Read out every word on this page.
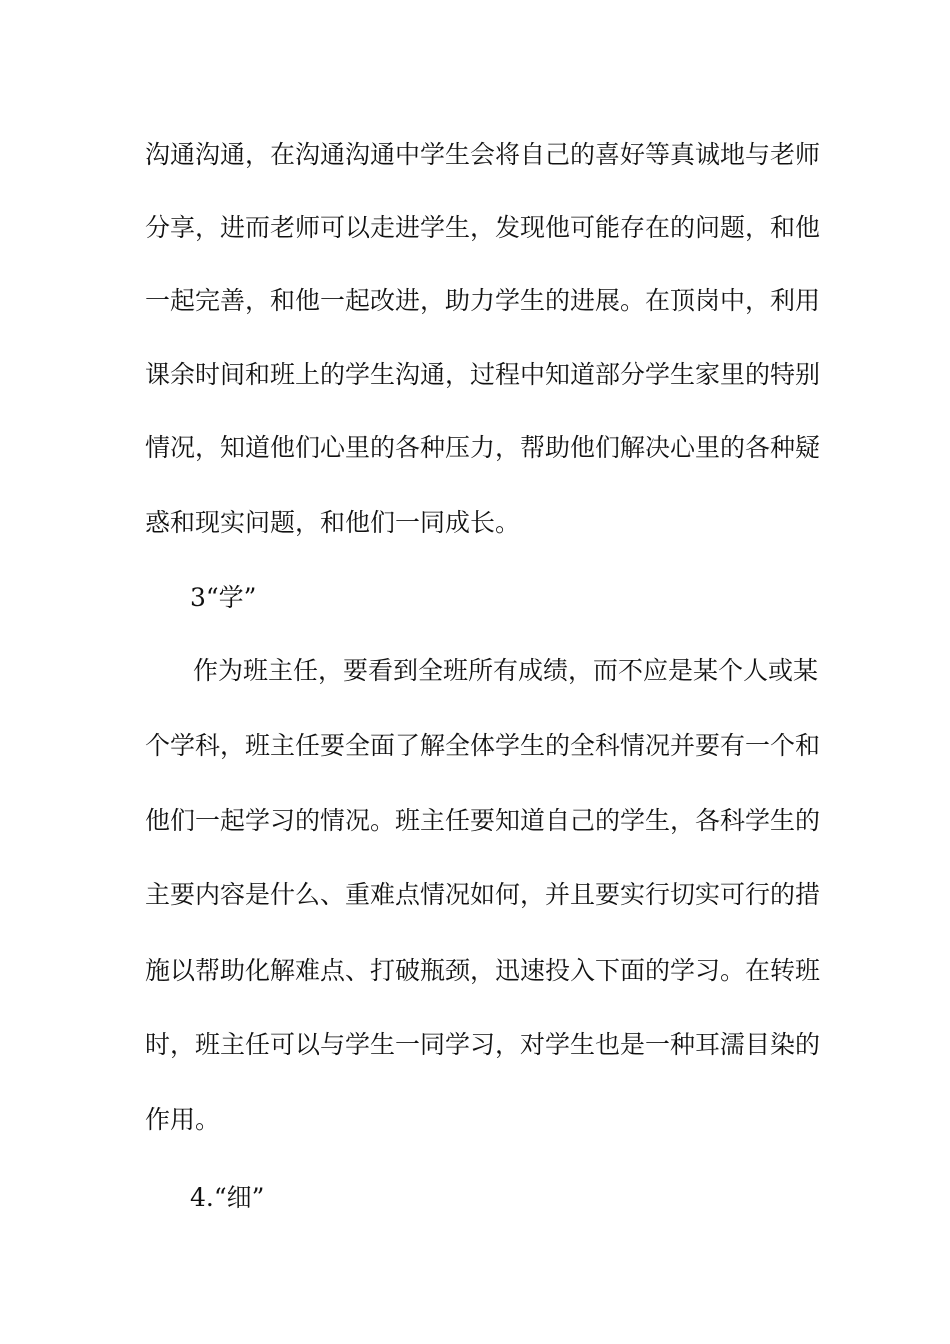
沟通沟通，在沟通沟通中学生会将自己的喜好等真诚地与老师
分享，进而老师可以走进学生，发现他可能存在的问题，和他
一起完善，和他一起改进，助力学生的进展。在顶岗中，利用
课余时间和班上的学生沟通，过程中知道部分学生家里的特别
情况，知道他们心里的各种压力，帮助他们解决心里的各种疑
惑和现实问题，和他们一同成长。
3“学”
作为班主任，要看到全班所有成绩，而不应是某个人或某
个学科，班主任要全面了解全体学生的全科情况并要有一个和
他们一起学习的情况。班主任要知道自己的学生，各科学生的
主要内容是什么、重难点情况如何，并且要实行切实可行的措
施以帮助化解难点、打破瓶颈，迅速投入下面的学习。在转班
时，班主任可以与学生一同学习，对学生也是一种耳濡目染的
作用。
4.“细”
